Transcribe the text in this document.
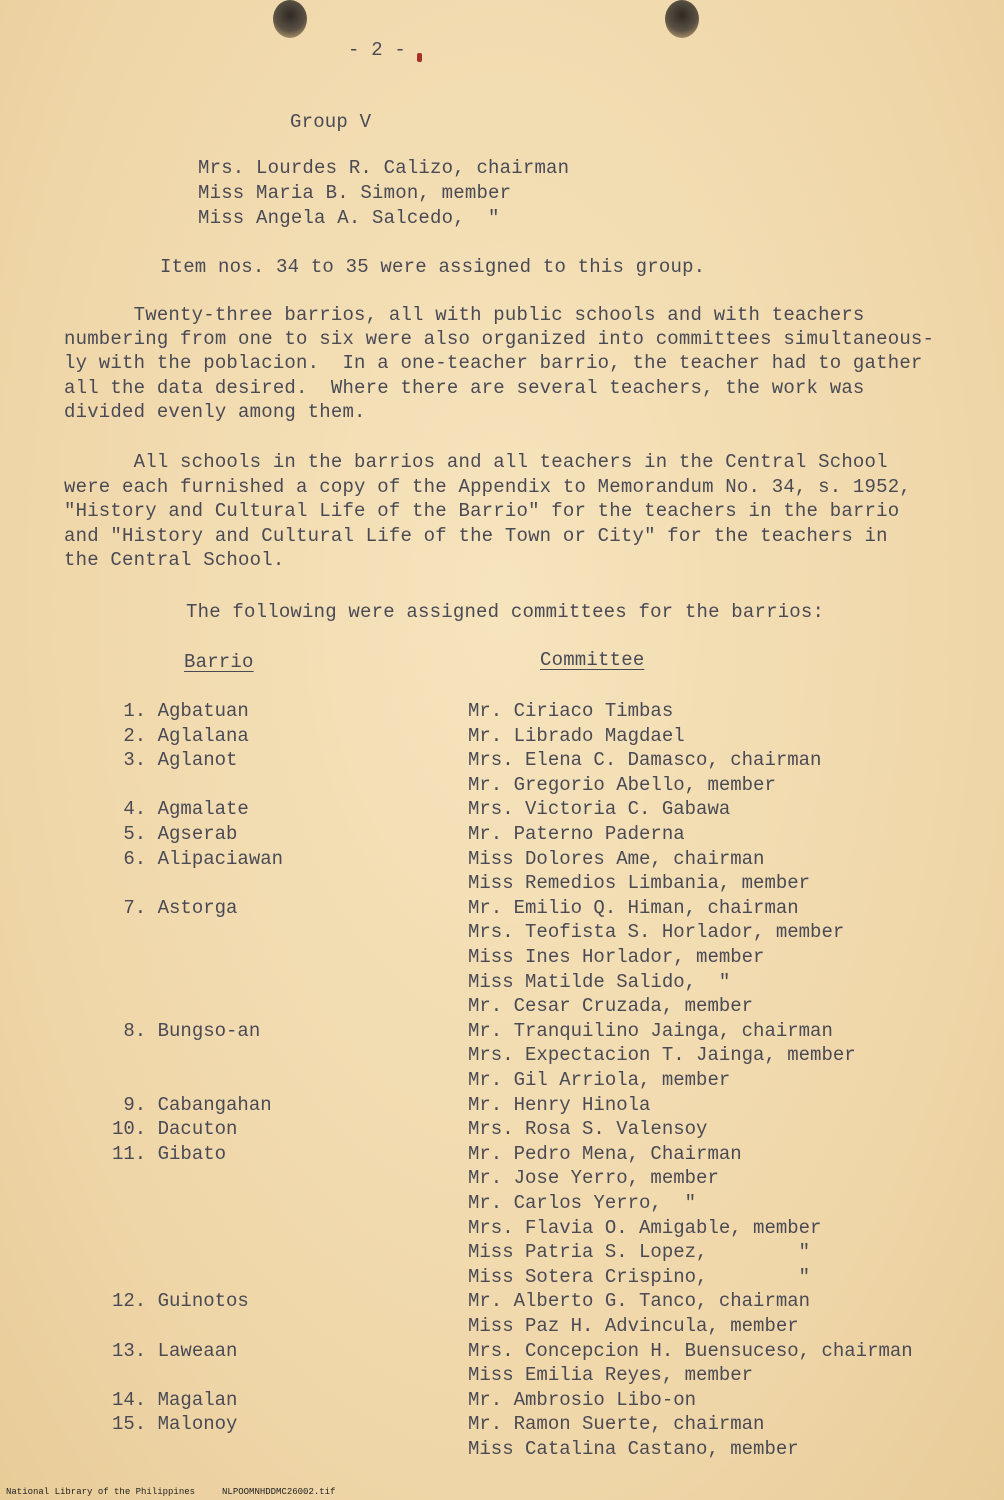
- 2 -
Group V
Mrs. Lourdes R. Calizo, chairman
Miss Maria B. Simon, member
Miss Angela A. Salcedo,  "
Item nos. 34 to 35 were assigned to this group.
Twenty-three barrios, all with public schools and with teachers
numbering from one to six were also organized into committees simultaneous-
ly with the poblacion.  In a one-teacher barrio, the teacher had to gather
all the data desired.  Where there are several teachers, the work was
divided evenly among them.
All schools in the barrios and all teachers in the Central School
were each furnished a copy of the Appendix to Memorandum No. 34, s. 1952,
"History and Cultural Life of the Barrio" for the teachers in the barrio
and "History and Cultural Life of the Town or City" for the teachers in
the Central School.
The following were assigned committees for the barrios:
Barrio	Committee
1. Agbatuan	Mr. Ciriaco Timbas
2. Aglalana	Mr. Librado Magdael
3. Aglanot	Mrs. Elena C. Damasco, chairman
Mr. Gregorio Abello, member
4. Agmalate	Mrs. Victoria C. Gabawa
5. Agserab	Mr. Paterno Paderna
6. Alipaciawan	Miss Dolores Ame, chairman
Miss Remedios Limbania, member
7. Astorga	Mr. Emilio Q. Himan, chairman
Mrs. Teofista S. Horlador, member
Miss Ines Horlador, member
Miss Matilde Salido,  "
Mr. Cesar Cruzada, member
8. Bungso-an	Mr. Tranquilino Jainga, chairman
Mrs. Expectacion T. Jainga, member
Mr. Gil Arriola, member
9. Cabangahan	Mr. Henry Hinola
10. Dacuton	Mrs. Rosa S. Valensoy
11. Gibato	Mr. Pedro Mena, Chairman
Mr. Jose Yerro, member
Mr. Carlos Yerro,  "
Mrs. Flavia O. Amigable, member
Miss Patria S. Lopez,        "
Miss Sotera Crispino,        "
12. Guinotos	Mr. Alberto G. Tanco, chairman
Miss Paz H. Advincula, member
13. Laweaan	Mrs. Concepcion H. Buensuceso, chairman
Miss Emilia Reyes, member
14. Magalan	Mr. Ambrosio Libo-on
15. Malonoy	Mr. Ramon Suerte, chairman
Miss Catalina Castano, member
National Library of the Philippines     NLPOOMNHDDMC26002.tif
